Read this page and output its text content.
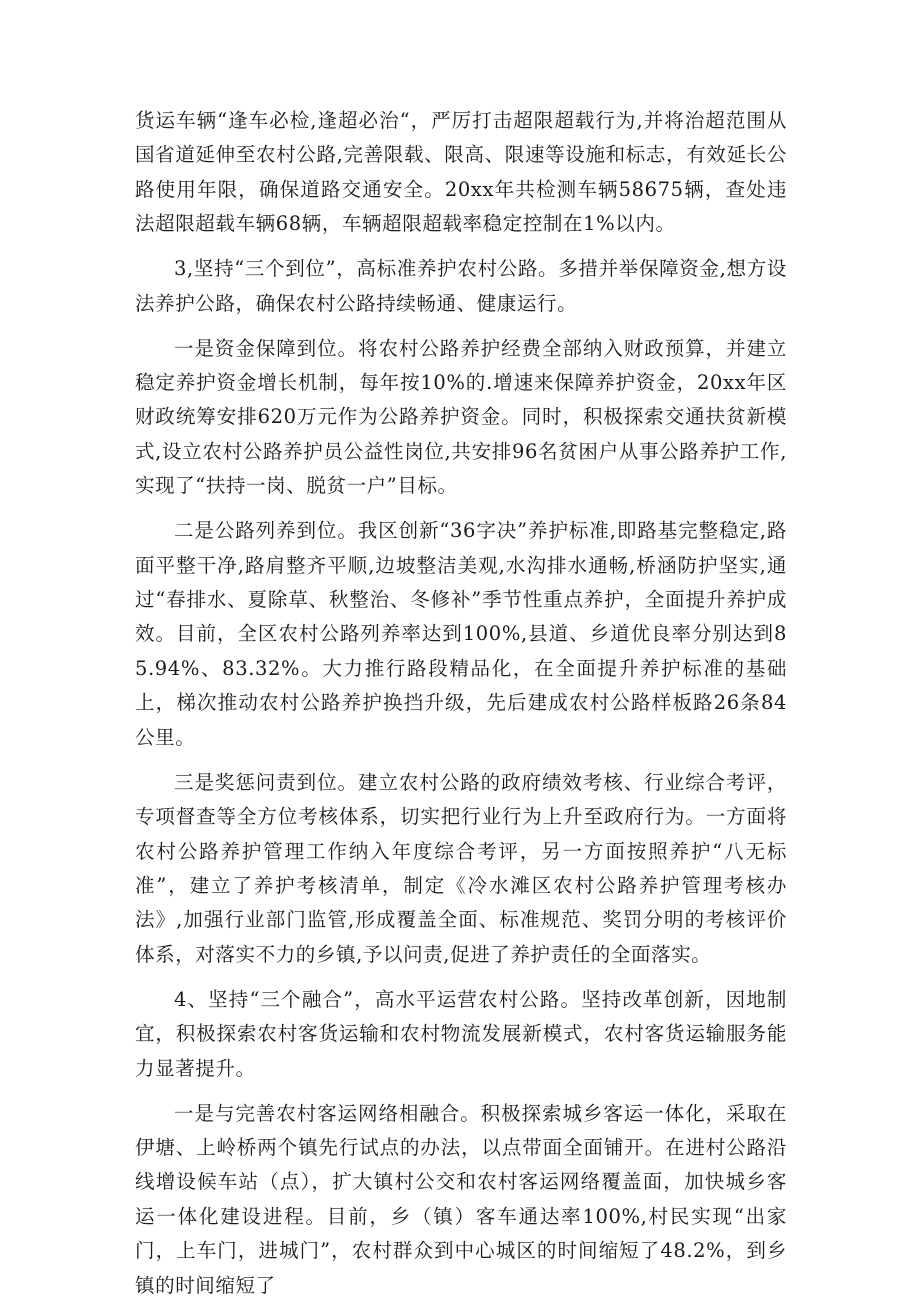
货运车辆“逢车必检,逢超必治“，严厉打击超限超载行为,并将治超范围从国省道延伸至农村公路,完善限载、限高、限速等设施和标志，有效延长公路使用年限，确保道路交通安全。20xx年共检测车辆58675辆，查处违法超限超载车辆68辆，车辆超限超载率稳定控制在1%以内。

3,坚持“三个到位”，高标准养护农村公路。多措并举保障资金,想方设法养护公路，确保农村公路持续畅通、健康运行。

一是资金保障到位。将农村公路养护经费全部纳入财政预算，并建立稳定养护资金增长机制，每年按10%的.增速来保障养护资金，20xx年区财政统筹安排620万元作为公路养护资金。同时，积极探索交通扶贫新模式,设立农村公路养护员公益性岗位,共安排96名贫困户从事公路养护工作,实现了“扶持一岗、脱贫一户”目标。

二是公路列养到位。我区创新“36字决”养护标准,即路基完整稳定,路面平整干净,路肩整齐平顺,边坡整洁美观,水沟排水通畅,桥涵防护坚实,通过“春排水、夏除草、秋整治、冬修补”季节性重点养护，全面提升养护成效。目前，全区农村公路列养率达到100%,县道、乡道优良率分别达到85.94%、83.32%。大力推行路段精品化，在全面提升养护标准的基础上，梯次推动农村公路养护换挡升级，先后建成农村公路样板路26条84公里。

三是奖惩问责到位。建立农村公路的政府绩效考核、行业综合考评，专项督查等全方位考核体系，切实把行业行为上升至政府行为。一方面将农村公路养护管理工作纳入年度综合考评，另一方面按照养护“八无标准”，建立了养护考核清单，制定《冷水滩区农村公路养护管理考核办法》,加强行业部门监管,形成覆盖全面、标准规范、奖罚分明的考核评价体系，对落实不力的乡镇,予以问责,促进了养护责任的全面落实。

4、坚持“三个融合”，高水平运营农村公路。坚持改革创新，因地制宜，积极探索农村客货运输和农村物流发展新模式，农村客货运输服务能力显著提升。

一是与完善农村客运网络相融合。积极探索城乡客运一体化，采取在伊塘、上岭桥两个镇先行试点的办法，以点带面全面铺开。在进村公路沿线增设候车站（点），扩大镇村公交和农村客运网络覆盖面，加快城乡客运一体化建设进程。目前，乡（镇）客车通达率100%,村民实现“出家门，上车门，进城门”，农村群众到中心城区的时间缩短了48.2%，到乡镇的时间缩短了
